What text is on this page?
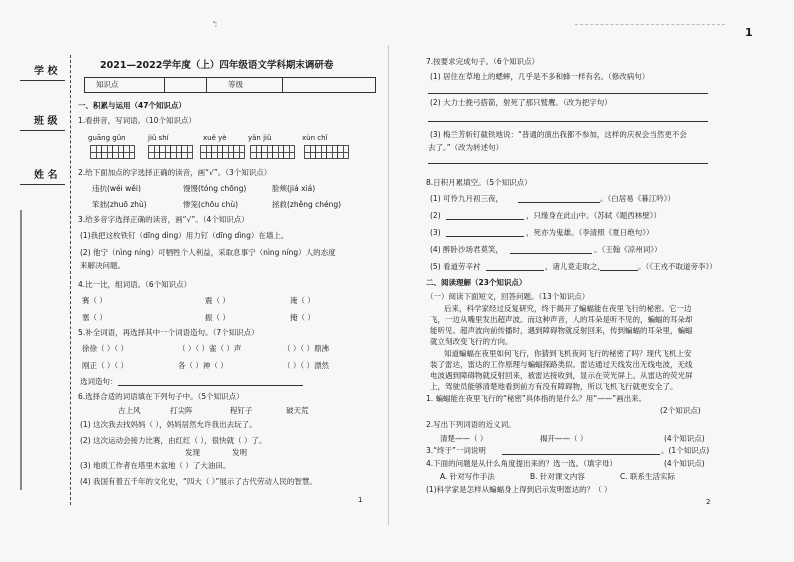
'∶
1
学 校
班 级
姓 名
2021—2022学年度（上）四年级语文学科期末调研卷
知识点	等级
一、积累与运用（47个知识点）
1.看拼音，写词语。（10个知识点）
guāng gǔn	jiǔ shí	xuě yè	yǎn jiǔ	xùn chǐ
2.给下面加点的字选择正确的读音，画“√”。（3个知识点）
违抗(wéi wěi)	馒馒(tóng chōng)	脸颊(jiá xiá)
笨拙(zhuō zhù)	惨笼(chōu chù)	拯救(zhěng chéng)
3.给多音字选择正确的读音，画“√”。（4个知识点）
(1)我把这枚铁钉（dīng dìng）用力钉（dīng dìng）在墙上。
(2) 他宁（nìng níng）可牺牲个人利益，采取息事宁（nìng níng）人的态度
来解决问题。
4.比一比，组词语。（6个知识点）
赛（ ）	震（ ）	淹（ ）
塞（ ）	振（ ）	掩（ ）
5.补全词语，再选择其中一个词语造句。（7个知识点）
徐徐（ ）（ ）	（ ）（ ）雀（ ）声	（ ）（ ）鼎沸
刚正（ ）（ ）	各（ ）神（ ）	（ ）（ ）漂然
选词造句：
6.选择合适的词语填在下列句子中。（5个知识点）
古上风	打尖阵	程钉子	破天荒
(1) 这次我去找妈妈（ ），妈妈居然允许我出去玩了。
(2) 这次运动会接力比赛，由红红（ ），很快就（ ）了。
发现	发明
(3) 地质工作者在塔里木盆地（ ）了大油田。
(4) 我国有着五千年的文化史，“四大（ ）”展示了古代劳动人民的智慧。
1
7.按要求完成句子。（6个知识点）
(1) 居住在草地上的蟋蟀，几乎是不多和蜂一样有名。（修改病句）
(2) 大力士挽弓搭箭，射死了那只鹫鹰。（改为把字句）
(3) 梅兰芳斩钉截铁地说：“普通的演出我都不参加，这样的庆祝会当然更不会
去了。”（改为转述句）
8.日积月累填空。（5个知识点）
(1) 可怜九月初三夜，	。（白居易《暮江吟》）
(2)	，只缘身在此山中。（苏轼《题西林壁》）
(3)	，死亦为鬼雄。（李清照《夏日绝句》）
(4) 醉卧沙场君莫笑，	。（王翰《凉州词》）
(5) 看道劳辛衬	，诸儿竟走取之，	。（《王戎不取道旁李》）
二、阅读理解（23个知识点）
（一）阅读下面短文，回答问题。（13个知识点）
后来，科学家经过反复研究，终于揭开了蝙蝠能在夜里飞行的秘密。它一边
飞，一边从嘴里发出超声波。而这种声音，人的耳朵是听不见的，蝙蝠的耳朵却
能听见。超声波向前传播时，遇到障碍物就反射回来，传到蝙蝠的耳朵里，蝙蝠
就立刻改变飞行的方向。
知道蝙蝠在夜里如何飞行，你猜到飞机夜间飞行的秘密了吗？现代飞机上安
装了雷达，雷达的工作原理与蝙蝠探路类似。雷达通过天线发出无线电波，无线
电波遇到障碍物就反射回来，被雷达接收到，显示在荧光屏上。从雷达的荧光屏
上，驾驶员能够清楚地看到前方有没有障碍物，所以飞机飞行就更安全了。
1. 蝙蝠能在夜里飞行的“秘密”具体指的是什么？用“——”画出来。
(2个知识点)
2.写出下列词语的近义词。
清楚——（ ）	揭开——（ ）	(4个知识点)
3.“终于”一词说明	。(1个知识点)
4.下面的问题是从什么角度提出来的？选一选。（填字母）	(4个知识点)
A. 针对写作手法	B. 针对课文内容	C. 联系生活实际
(1)科学家是怎样从蝙蝠身上得到启示发明雷达的？（ ）
2
